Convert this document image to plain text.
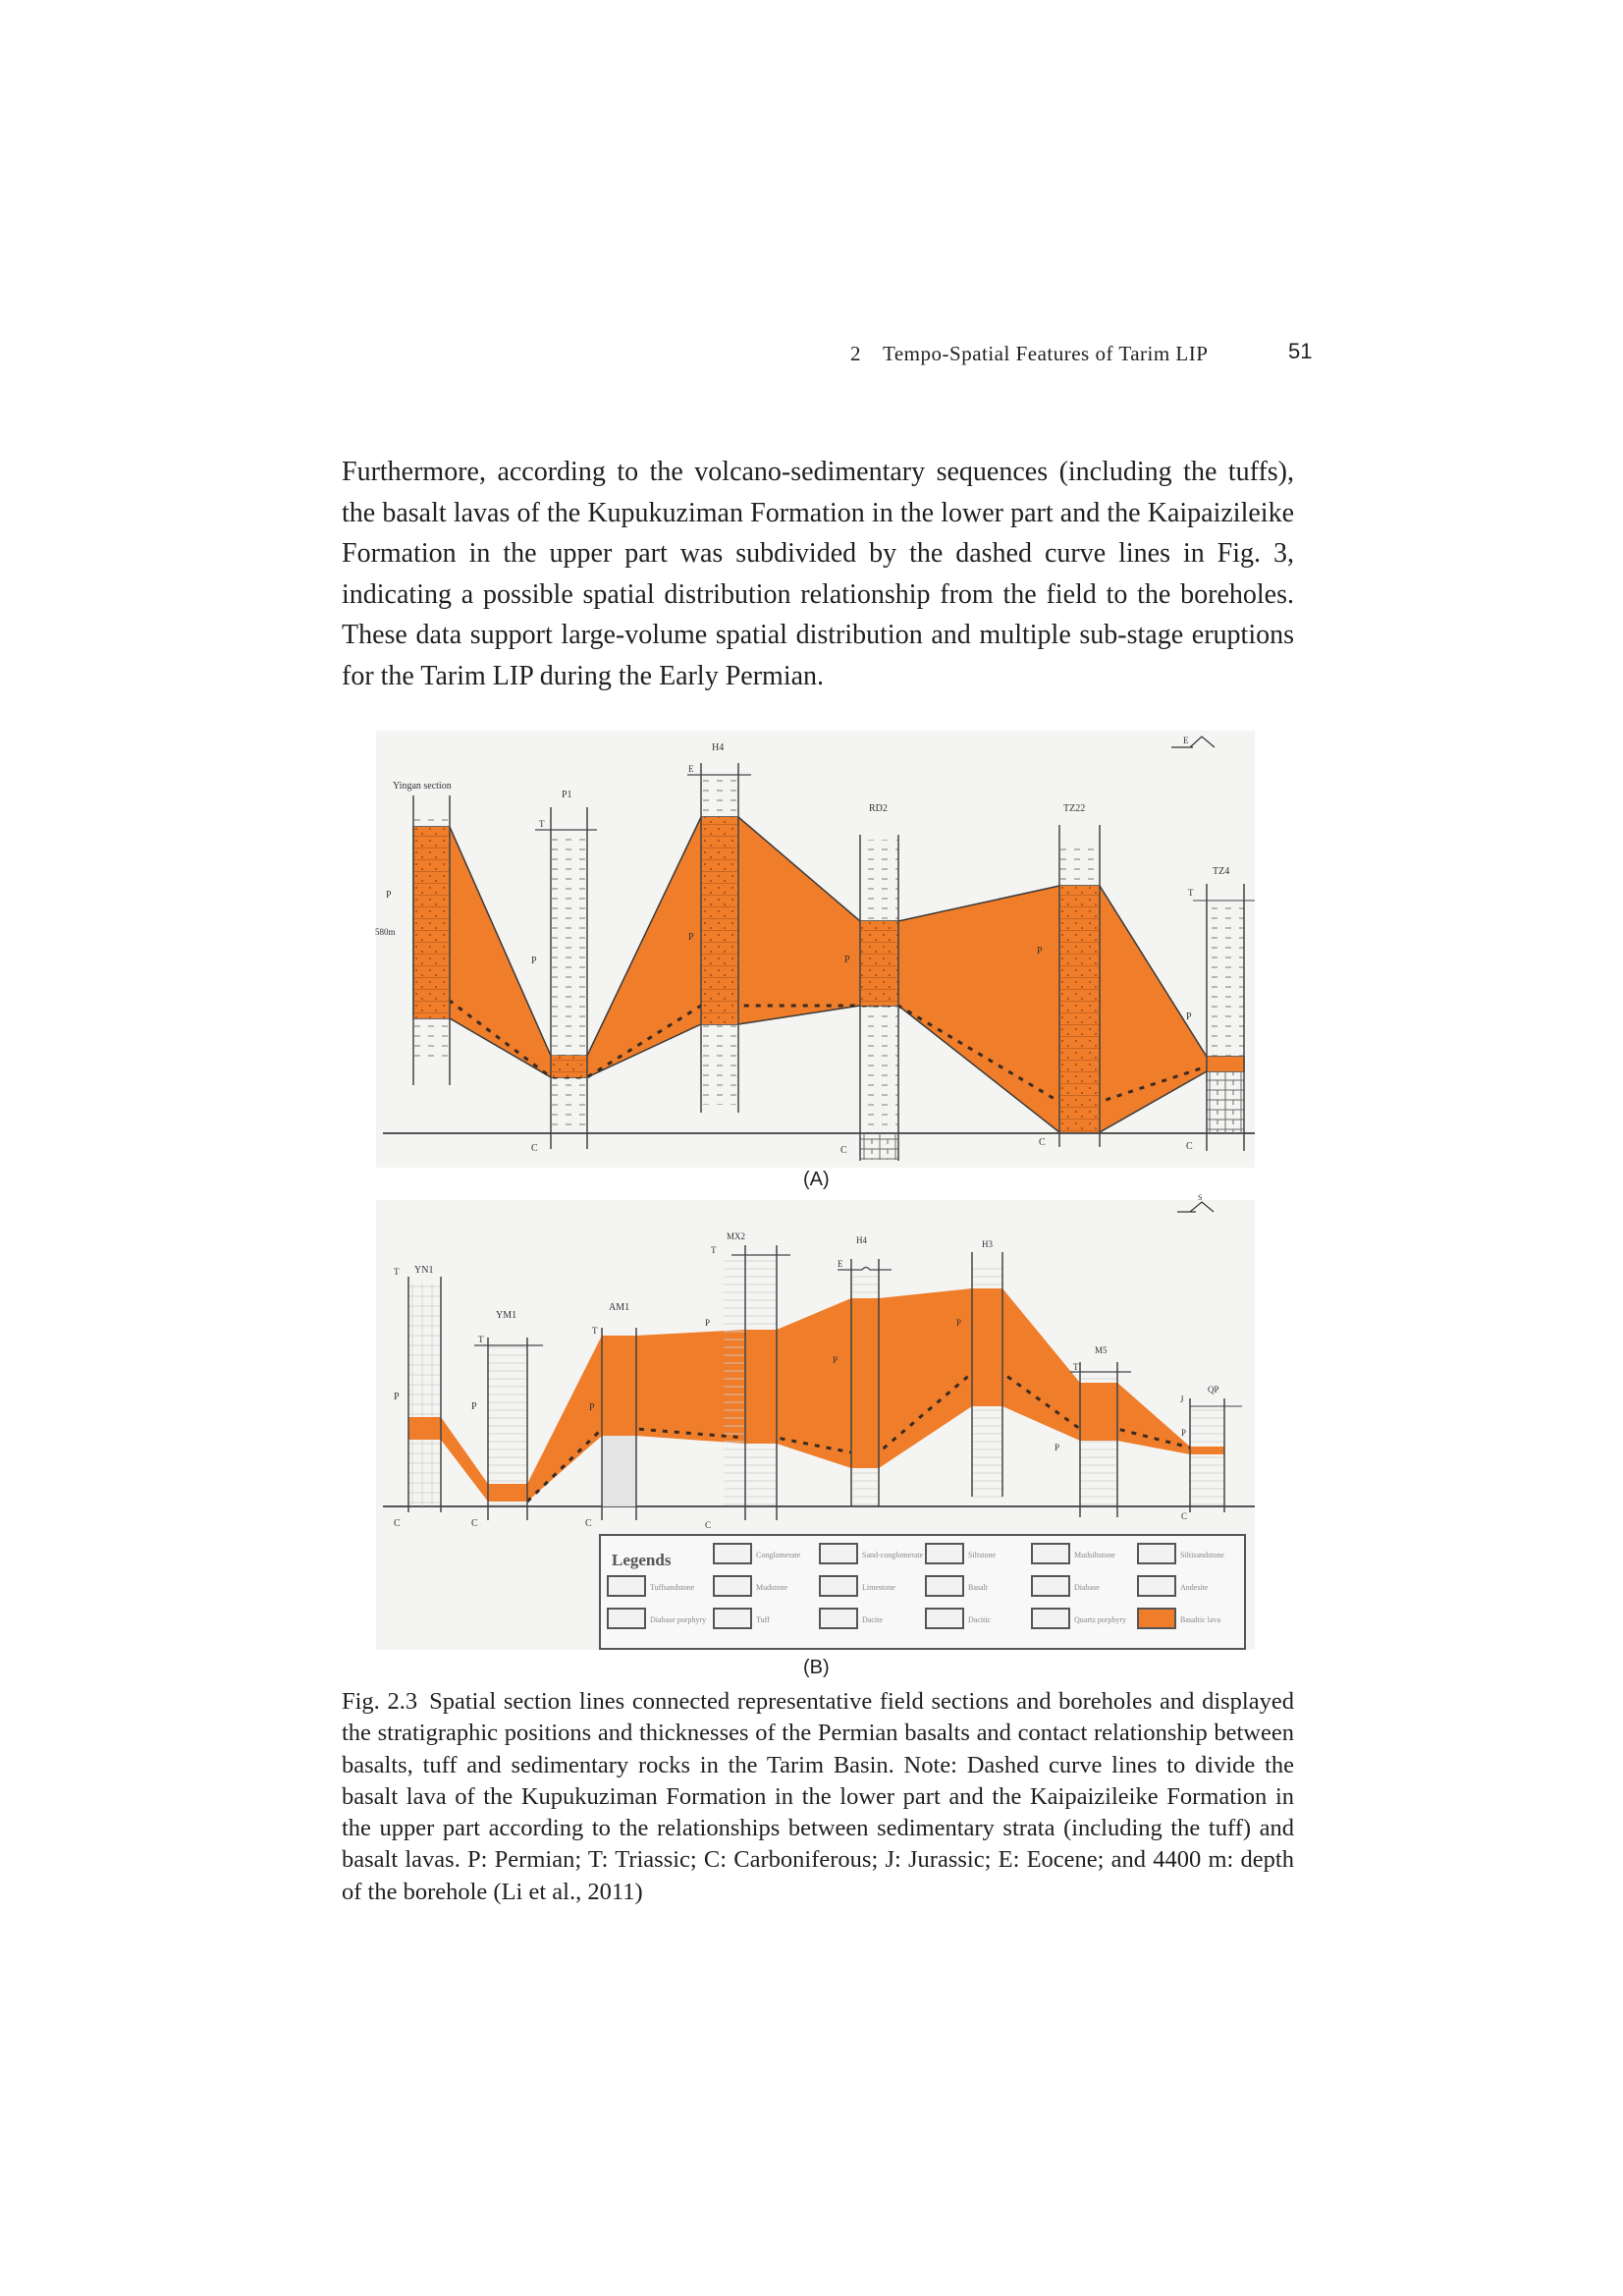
2 Tempo-Spatial Features of Tarim LIP	51

Furthermore, according to the volcano-sedimentary sequences (including the tuffs), the basalt lavas of the Kupukuziman Formation in the lower part and the Kaipaizileike Formation in the upper part was subdivided by the dashed curve lines in Fig. 3, indicating a possible spatial distribution relationship from the field to the boreholes. These data support large-volume spatial distribution and multiple sub-stage eruptions for the Tarim LIP during the Early Permian.

Yingan section
P1
H4
RD2	TZ22
TZ4
P
580m
T
P
C
E
P
P
C
P
C
T
P
C
E
(A)
YN1
YM1
AM1
MX2	H4	H3
M5
QP
T
P
C
T
P
C
T
P
C
T
P
C
E
P
P
T
P
J
P
C
S
Legends	Conglomerate	Sand-conglomerate	Siltstone	Mudsiltstone	Siltisandstone
Tuffsandstone	Mudstone	Limestone	Basalt	Diabase	Andesite
Diabase porphyry	Tuff	Dacite	Dacitic	Quartz porphyry	Basaltic lava
(B)

Fig. 2.3 Spatial section lines connected representative field sections and boreholes and displayed the stratigraphic positions and thicknesses of the Permian basalts and contact relationship between basalts, tuff and sedimentary rocks in the Tarim Basin. Note: Dashed curve lines to divide the basalt lava of the Kupukuziman Formation in the lower part and the Kaipaizileike Formation in the upper part according to the relationships between sedimentary strata (including the tuff) and basalt lavas. P: Permian; T: Triassic; C: Carboniferous; J: Jurassic; E: Eocene; and 4400 m: depth of the borehole (Li et al., 2011)
